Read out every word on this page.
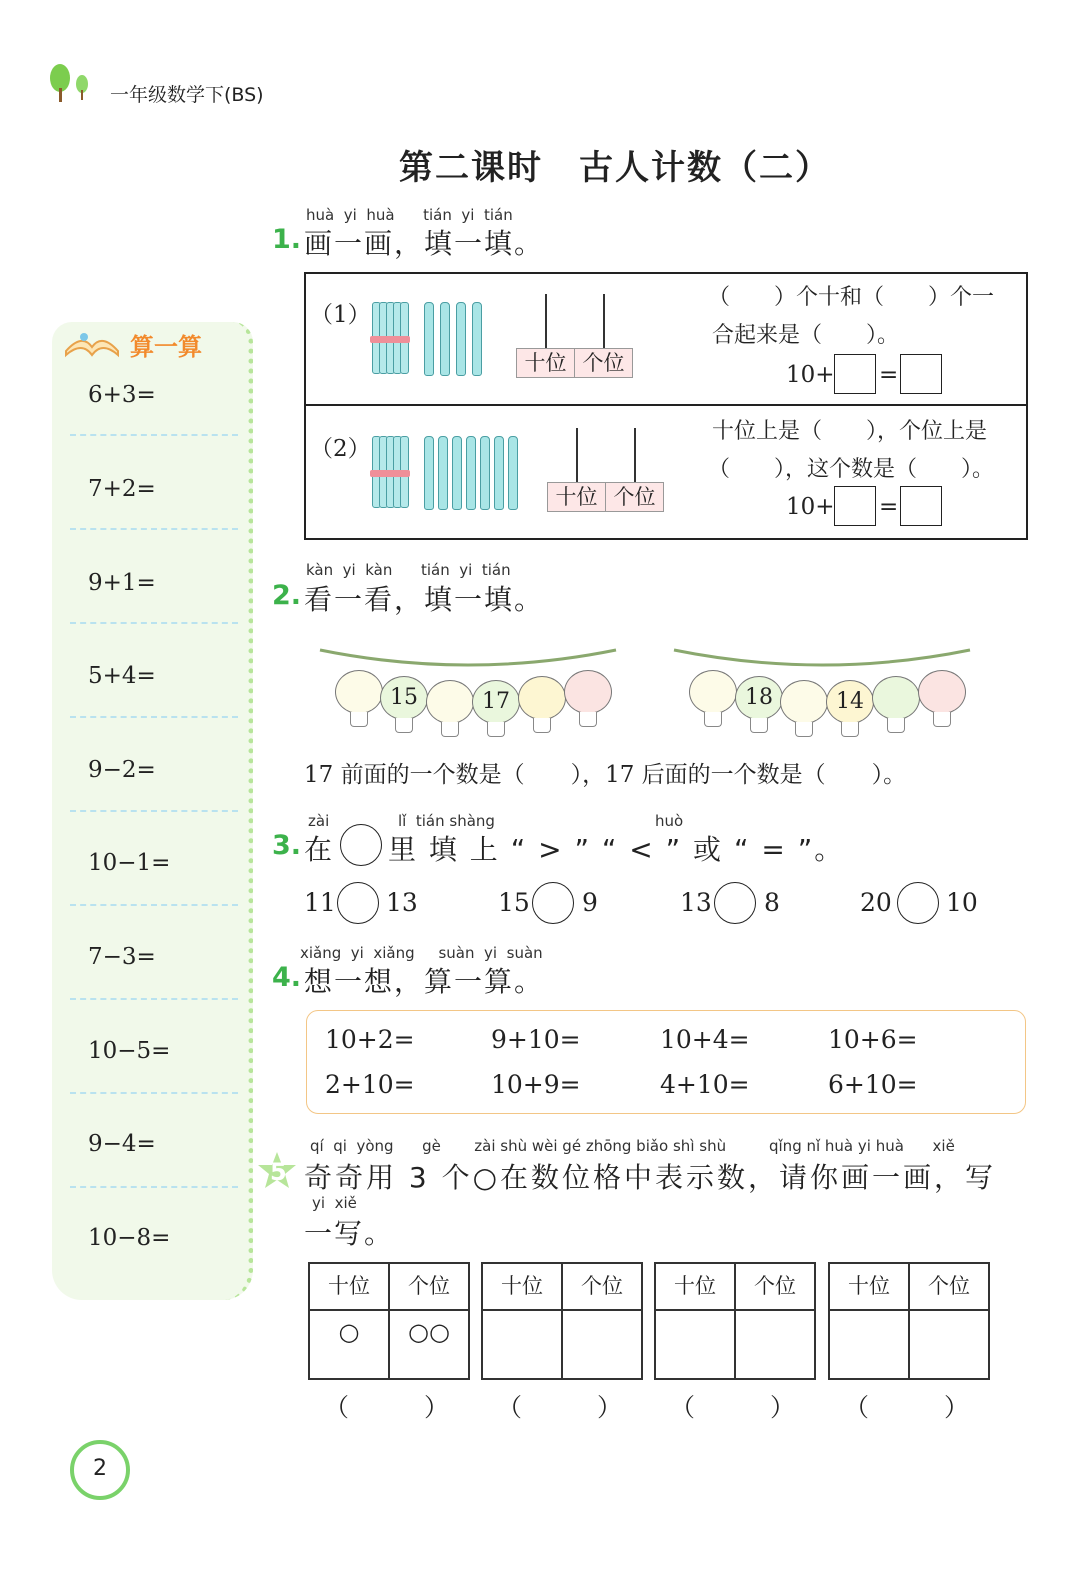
一年级数学下(BS)
第二课时　古人计数（二）
算一算
6+3=
7+2=
9+1=
5+4=
9−2=
10−1=
7−3=
10−5=
9−4=
10−8=
huà  yi  huà      tián  yi  tián
1. 画一画，填一填。
（1）
十位 个位
（　　）个十和（　　）个一
合起来是（　　）。
10+ =
（2）
十位 个位
十位上是（　　），个位上是
（　　），这个数是（　　）。
10+ =
kàn  yi  kàn      tián  yi  tián
2. 看一看，填一填。
15	17	18	14
17 前面的一个数是（　　），17 后面的一个数是（　　）。
zài	lǐ  tián shàng	huò
3. 在 里 填 上 “ > ” “ < ” 或 “ = ”。
11 13	15 9	13 8	20 10
xiǎng  yi  xiǎng     suàn  yi  suàn
4. 想一想，算一算。
10+2=	9+10=	10+4=	10+6=
2+10=	10+9=	4+10=	6+10=
5
qí  qi  yòng      gè       zài shù wèi gé zhōng biǎo shì shù         qǐng nǐ huà yi huà      xiě
奇奇用 3 个○在数位格中表示数，请你画一画，写
yi  xiě
一写。
十位	个位
○	○○
十位	个位	十位	个位	十位	个位
（　　　） （　　　） （　　　） （　　　）
2
